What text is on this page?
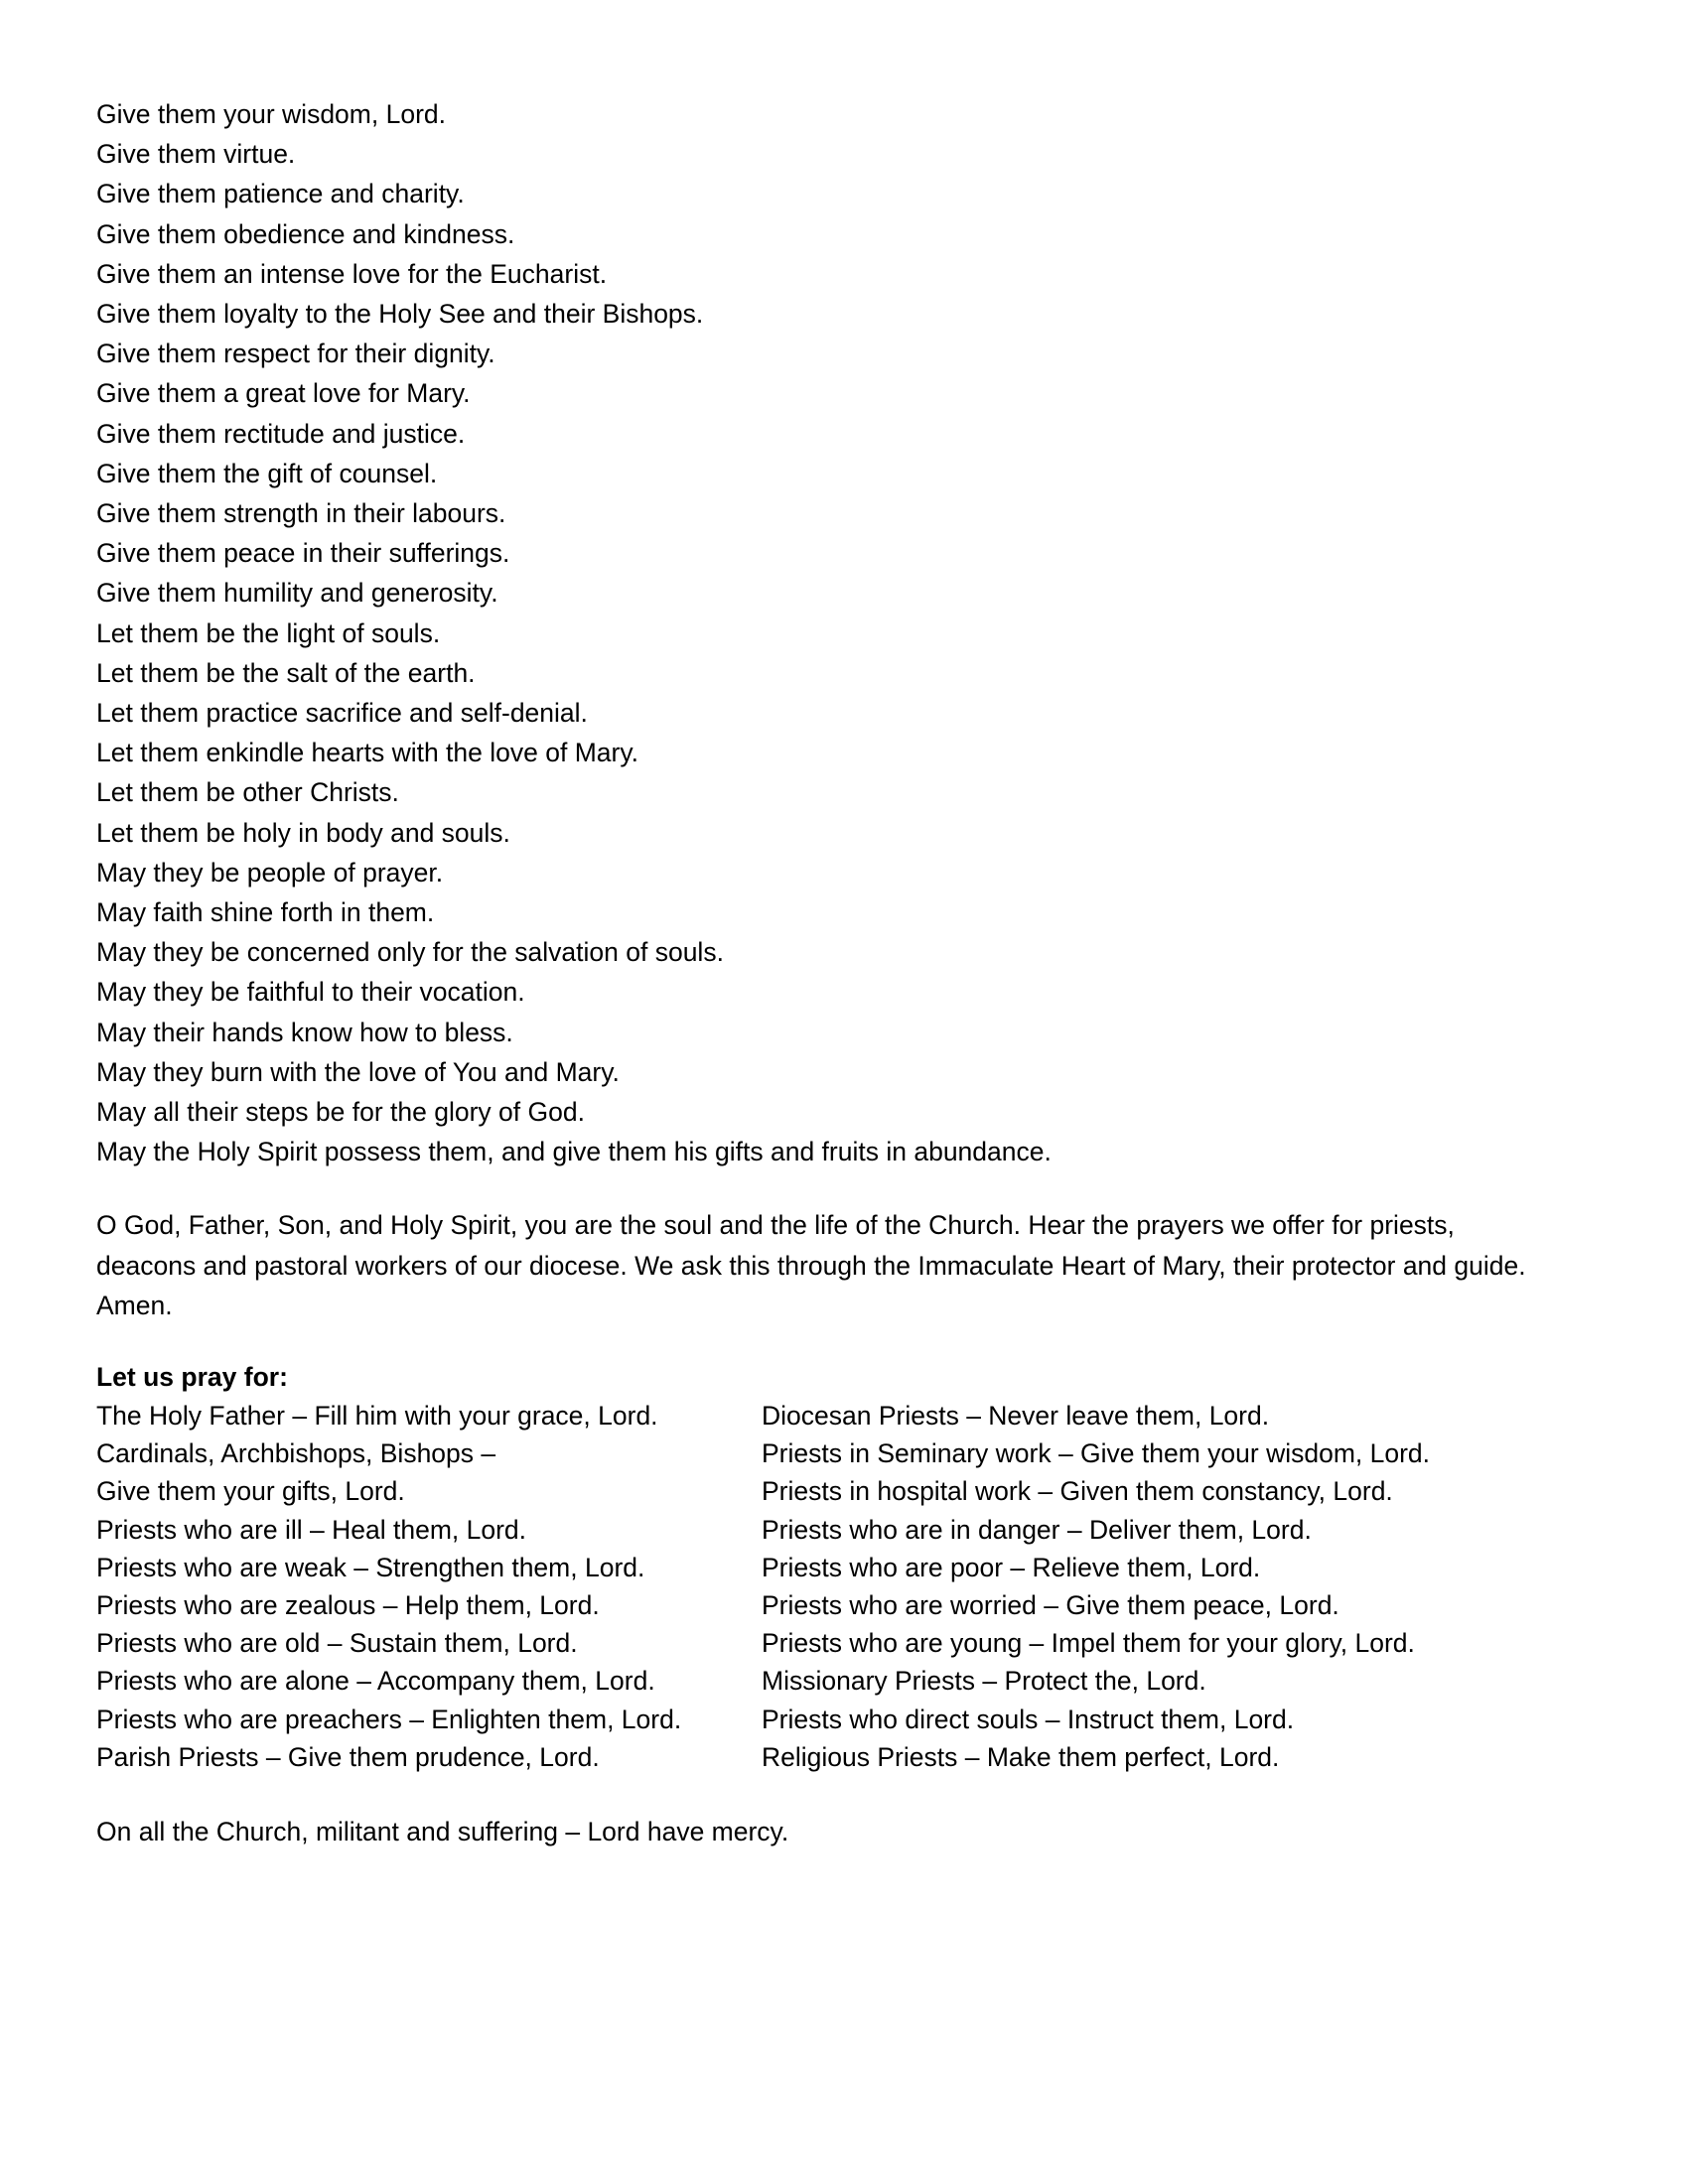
Give them your wisdom, Lord.
Give them virtue.
Give them patience and charity.
Give them obedience and kindness.
Give them an intense love for the Eucharist.
Give them loyalty to the Holy See and their Bishops.
Give them respect for their dignity.
Give them a great love for Mary.
Give them rectitude and justice.
Give them the gift of counsel.
Give them strength in their labours.
Give them peace in their sufferings.
Give them humility and generosity.
Let them be the light of souls.
Let them be the salt of the earth.
Let them practice sacrifice and self-denial.
Let them enkindle hearts with the love of Mary.
Let them be other Christs.
Let them be holy in body and souls.
May they be people of prayer.
May faith shine forth in them.
May they be concerned only for the salvation of souls.
May they be faithful to their vocation.
May their hands know how to bless.
May they burn with the love of You and Mary.
May all their steps be for the glory of God.
May the Holy Spirit possess them, and give them his gifts and fruits in abundance.

O God, Father, Son, and Holy Spirit, you are the soul and the life of the Church. Hear the prayers we offer for priests, deacons and pastoral workers of our diocese. We ask this through the Immaculate Heart of Mary, their protector and guide. Amen.

Let us pray for:
The Holy Father – Fill him with your grace, Lord.
Cardinals, Archbishops, Bishops –
Give them your gifts, Lord.
Priests who are ill – Heal them, Lord.
Priests who are weak – Strengthen them, Lord.
Priests who are zealous – Help them, Lord.
Priests who are old – Sustain them, Lord.
Priests who are alone – Accompany them, Lord.
Priests who are preachers – Enlighten them, Lord.
Parish Priests – Give them prudence, Lord.
Diocesan Priests – Never leave them, Lord.
Priests in Seminary work – Give them your wisdom, Lord.
Priests in hospital work – Given them constancy, Lord.
Priests who are in danger – Deliver them, Lord.
Priests who are poor – Relieve them, Lord.
Priests who are worried – Give them peace, Lord.
Priests who are young – Impel them for your glory, Lord.
Missionary Priests – Protect the, Lord.
Priests who direct souls – Instruct them, Lord.
Religious Priests – Make them perfect, Lord.
On all the Church, militant and suffering – Lord have mercy.
